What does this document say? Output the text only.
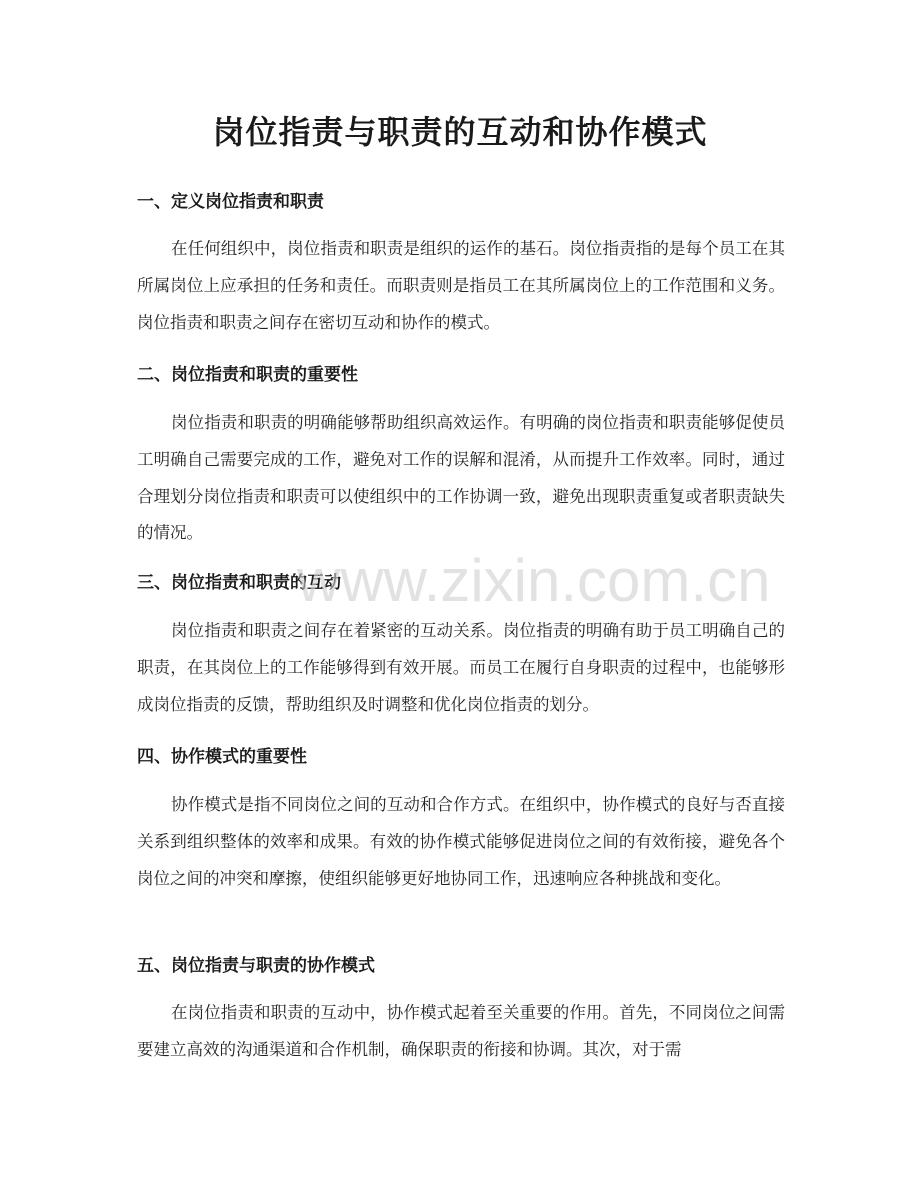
岗位指责与职责的互动和协作模式
一、定义岗位指责和职责

在任何组织中，岗位指责和职责是组织的运作的基石。岗位指责指的是每个员工在其所属岗位上应承担的任务和责任。而职责则是指员工在其所属岗位上的工作范围和义务。岗位指责和职责之间存在密切互动和协作的模式。

二、岗位指责和职责的重要性

岗位指责和职责的明确能够帮助组织高效运作。有明确的岗位指责和职责能够促使员工明确自己需要完成的工作，避免对工作的误解和混淆，从而提升工作效率。同时，通过合理划分岗位指责和职责可以使组织中的工作协调一致，避免出现职责重复或者职责缺失的情况。

三、岗位指责和职责的互动

岗位指责和职责之间存在着紧密的互动关系。岗位指责的明确有助于员工明确自己的职责，在其岗位上的工作能够得到有效开展。而员工在履行自身职责的过程中，也能够形成岗位指责的反馈，帮助组织及时调整和优化岗位指责的划分。

四、协作模式的重要性

协作模式是指不同岗位之间的互动和合作方式。在组织中，协作模式的良好与否直接关系到组织整体的效率和成果。有效的协作模式能够促进岗位之间的有效衔接，避免各个岗位之间的冲突和摩擦，使组织能够更好地协同工作，迅速响应各种挑战和变化。

五、岗位指责与职责的协作模式

在岗位指责和职责的互动中，协作模式起着至关重要的作用。首先，不同岗位之间需要建立高效的沟通渠道和合作机制，确保职责的衔接和协调。其次，对于需

www.zixin.com.cn
